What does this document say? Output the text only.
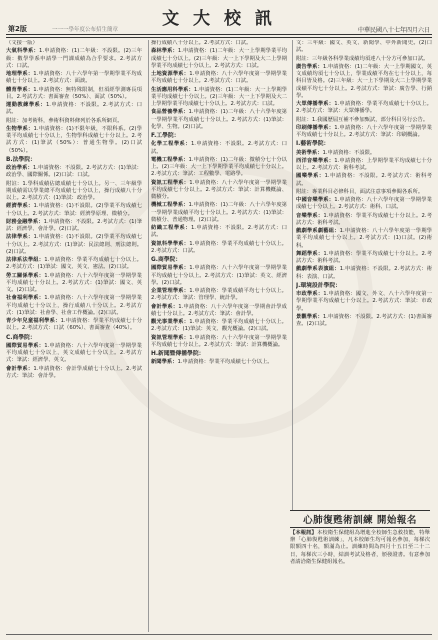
第2版	一一一學年度公布招生簡章
文 大 校 訊
中華民國八十七年四月六日

（文接一版）

大氣科學系：1.申請資格：(1)二年級：不設限。(2)三年級：數學學系申請學一門課成績為合乎要求。2.考試方式：口試。

地理學系：1.申請資格：八十六學年第一學期學業平均成績七十分以上。2.考試方式：面談。

體育學系：1.申請資格：無特殊限制，但須經學測專長項目。2.考試方式：書面審查（50%）、面試（50%）。

運動教練學系：1.申請資格：不設限。2.考試方式：口試。

附註：加考術科，參術科資料條列於各系所網頁。

生物學系：1.申請資格：(1)不限年級，不限科系。(2)學業平均成績七十分以上，生物學科成績七十分以上。2.考試方式：(1)筆試（50%）：普通生物學。(2)口試（50%）。

B.法學院：

政治學系：1.申請資格：不設限。2.考試方式：(1)筆試：政治學、國際關係。(2)口試：口試。

附註：1.學科成績佔總成績七十分以上。另一、三年級學期成績需以學業總平均成績七十分以上，操行成績八十分以上。2.考試方式：(1)筆試：政治學。

經濟學系：1.申請資格：(1)不設限。(2)學業平均成績七十分以上。2.考試方式：筆試：經濟學原理、微積分。

財務金融學系：1.申請資格：不設限。2.考試方式：(1)筆試：經濟學、會計學。(2)口試。

法律學系：1.申請資格：(1)不設限。(2)學業平均成績七十分以上。2.考試方式：(1)筆試：民法總則、刑法總則。(2)口試。

法律系法學組：1.申請資格：學業平均成績七十分以上。2.考試方式：(1)筆試：國文、英文、憲法。(2)口試。

勞工關係學系：1.申請資格：八十六學年度第一學期學業平均成績七十分以上。2.考試方式：(1)筆試：國文、英文。(2)口試。

社會福利學系：1.申請資格：八十六學年度第一學期學業平均成績七十分以上，操行成績八十分以上。2.考試方式：(1)筆試：社會學、社會工作概論。(2)口試。

青少年兒童福利學系：1.申請資格：學業平均成績七十分以上。2.考試方式：口試（60%）、書面審查（40%）。

C.商學院：

國際貿易學系：1.申請資格：八十六學年度第一學期學業平均成績七十分以上，英文成績七十分以上。2.考試方式：筆試：經濟學、英文。

會計學系：1.申請資格：會計學成績七十分以上。2.考試方式：筆試：會計學。

操行成績八十分以上。2.考試方式：口試。

森林學系：1.申請資格：(1)二年級：大一上學期學業平均成績七十分以上。(2)三年級：大一上下學期及大二上學期學業平均成績七十分以上。2.考試方式：口試。

土地資源學系：1.申請資格：八十六學年度第一學期學業平均成績七十分以上。2.考試方式：口試。

生活應用科學系：1.申請資格：(1)二年級：大一上學期學業平均成績七十分以上。(2)三年級：大一上下學期及大二上學期學業平均成績七十分以上。2.考試方式：口試。

食品營養學系：1.申請資格：(1)二年級：八十六學年度第一學期學業平均成績七十分以上。2.考試方式：(1)筆試：化學、生物。(2)口試。

F.工學院：

化學工程學系：1.申請資格：不設限。2.考試方式：口試。

電機工程學系：1.申請資格：(1)二年級：微積分七十分以上。(2)三年級：大一上下學期學業平均成績七十分以上。2.考試方式：筆試：工程數學、電路學。

資訊工程學系：1.申請資格：八十六學年度第一學期學業平均成績七十分以上。2.考試方式：筆試：計算機概論、微積分。

機械工程學系：1.申請資格：(1)二年級：八十六學年度第一學期學業成績平均七十分以上。2.考試方式：(1)筆試：微積分、普通物理。(2)口試。

紡織工程學系：1.申請資格：不設限。2.考試方式：口試。

資訊科學學系：1.申請資格：學業平均成績七十分以上。2.考試方式：口試。

G.商學院：

國際貿易學系：1.申請資格：八十六學年度第一學期學業平均成績七十分以上。2.考試方式：(1)筆試：英文、經濟學。(2)口試。

企業管理學系：1.申請資格：學業成績平均七十分以上。2.考試方式：筆試：管理學、統計學。

會計學系：1.申請資格：八十六學年度第一學期會計學成績七十分以上。2.考試方式：筆試：會計學。

觀光事業學系：1.申請資格：學業平均成績七十分以上。2.考試方式：(1)筆試：英文、觀光概論。(2)口試。

資訊管理學系：1.申請資格：八十六學年度第一學期學業平均成績七十分以上。2.考試方式：筆試：計算機概論。

H.新聞暨傳播學院：

新聞學系：1.申請資格：學業平均成績七十分以上。

文：三年級：國文、英文、新聞學、中外新聞史。(2)口試。

附註：三年級各科學業成績均須達八十分方可參加口試。

廣告學系：1.申請資格：(1)二年級：大一上學期國文、英文成績均須七十分以上，學業成績平均在七十分以上，每科目皆及格。(2)三年級：大一上下學期及大二上學期學業成績平均七十分以上。2.考試方式：筆試：廣告學、行銷學。

大眾傳播學系：1.申請資格：學業平均成績七十分以上。2.考試方式：筆試：大眾傳播學。

附註：1.我國歷屆互補不參加甄試，部分科目另行公告。

印刷傳播學系：1.申請資格：八十六學年度第一學期學業平均成績七十分以上。2.考試方式：筆試：印刷概論。

I.藝術學院：

美術學系：1.申請資格：不設限。

西洋音樂學系：1.申請資格：上學期學業平均成績七十分以上。2.考試方式：術科考試。

國樂學系：1.申請資格：不設限。2.考試方式：術科考試。

附註：專業科目必修科目，面試注意事項參閱各系所。

中國音樂學系：1.申請資格：八十六學年度第一學期學業成績七十分以上。2.考試方式：術科、口試。

音樂學系：1.申請資格：學業平均成績七十分以上。2.考試方式：術科考試。

戲劇學系劇藝組：1.申請資格：八十六學年度第一學期學業平均成績七十分以上。2.考試方式：(1)口試。(2)術科。

舞蹈學系：1.申請資格：學業平均成績七十分以上。2.考試方式：術科考試。

戲劇學系表演組：1.申請資格：不設限。2.考試方式：術科：表演、口試。

J.環境設計學院：

市政學系：1.申請資格：國文、外文、八十六學年度第一學期學業平均成績七十分以上。2.考試方式：筆試：市政學。

景觀學系：1.申請資格：不設限。2.考試方式：(1)書面審查。(2)口試。

心肺復甦術訓練 開始報名
【本報訊】本校衛生保健組為增進全校師生急救技能，特舉辦「心肺復甦術訓練」，凡本校師生均可報名參加，每梯次限額四十名，額滿為止。訓練時間為四月十五日至二十二日，每梯次三小時，結訓考試及格者，頒發證書。有意參加者請洽衛生保健組報名。
